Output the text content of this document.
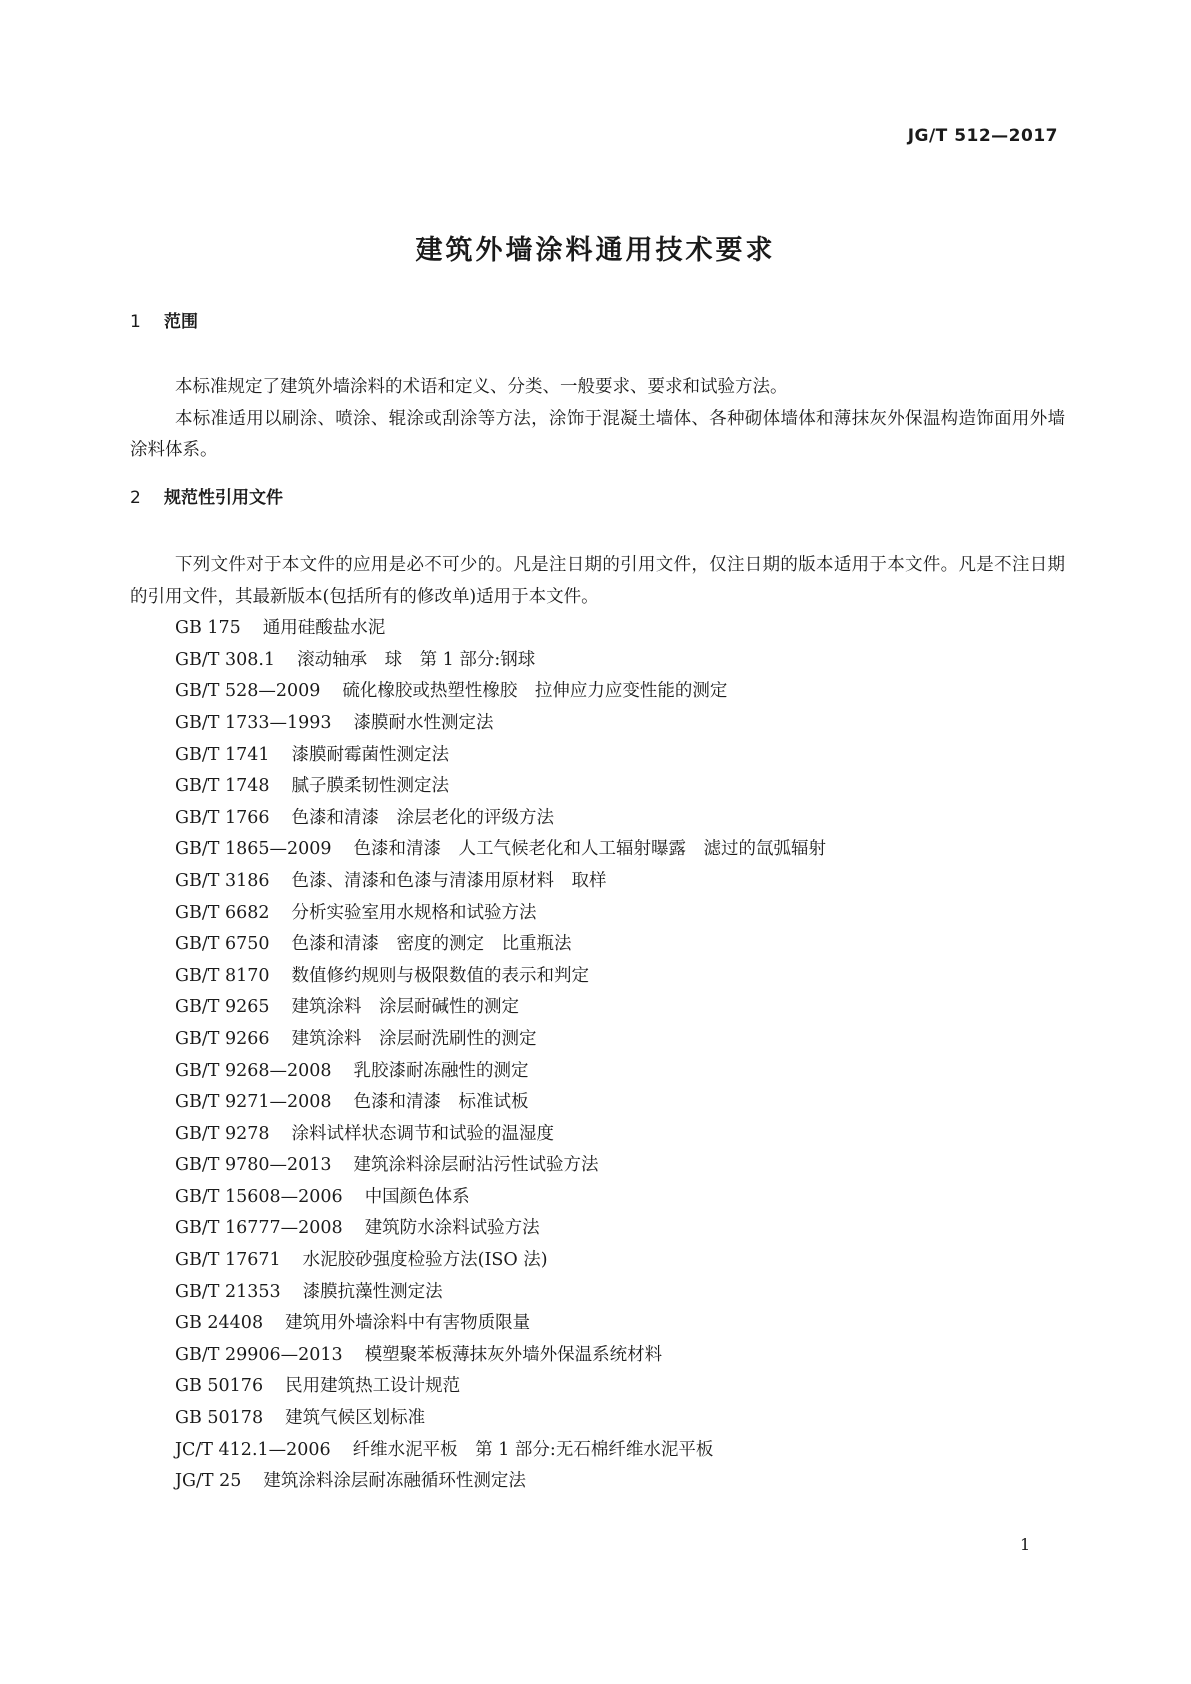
JG/T 512—2017
建筑外墙涂料通用技术要求
1 范围

本标准规定了建筑外墙涂料的术语和定义、分类、一般要求、要求和试验方法。

本标准适用以刷涂、喷涂、辊涂或刮涂等方法，涂饰于混凝土墙体、各种砌体墙体和薄抹灰外保温构造饰面用外墙涂料体系。

2 规范性引用文件

下列文件对于本文件的应用是必不可少的。凡是注日期的引用文件，仅注日期的版本适用于本文件。凡是不注日期的引用文件，其最新版本(包括所有的修改单)适用于本文件。

GB 175 通用硅酸盐水泥
GB/T 308.1 滚动轴承　球　第 1 部分:钢球
GB/T 528—2009 硫化橡胶或热塑性橡胶　拉伸应力应变性能的测定
GB/T 1733—1993 漆膜耐水性测定法
GB/T 1741 漆膜耐霉菌性测定法
GB/T 1748 腻子膜柔韧性测定法
GB/T 1766 色漆和清漆　涂层老化的评级方法
GB/T 1865—2009 色漆和清漆　人工气候老化和人工辐射曝露　滤过的氙弧辐射
GB/T 3186 色漆、清漆和色漆与清漆用原材料　取样
GB/T 6682 分析实验室用水规格和试验方法
GB/T 6750 色漆和清漆　密度的测定　比重瓶法
GB/T 8170 数值修约规则与极限数值的表示和判定
GB/T 9265 建筑涂料　涂层耐碱性的测定
GB/T 9266 建筑涂料　涂层耐洗刷性的测定
GB/T 9268—2008 乳胶漆耐冻融性的测定
GB/T 9271—2008 色漆和清漆　标准试板
GB/T 9278 涂料试样状态调节和试验的温湿度
GB/T 9780—2013 建筑涂料涂层耐沾污性试验方法
GB/T 15608—2006 中国颜色体系
GB/T 16777—2008 建筑防水涂料试验方法
GB/T 17671 水泥胶砂强度检验方法(ISO 法)
GB/T 21353 漆膜抗藻性测定法
GB 24408 建筑用外墙涂料中有害物质限量
GB/T 29906—2013 模塑聚苯板薄抹灰外墙外保温系统材料
GB 50176 民用建筑热工设计规范
GB 50178 建筑气候区划标准
JC/T 412.1—2006 纤维水泥平板　第 1 部分:无石棉纤维水泥平板
JG/T 25 建筑涂料涂层耐冻融循环性测定法
1
